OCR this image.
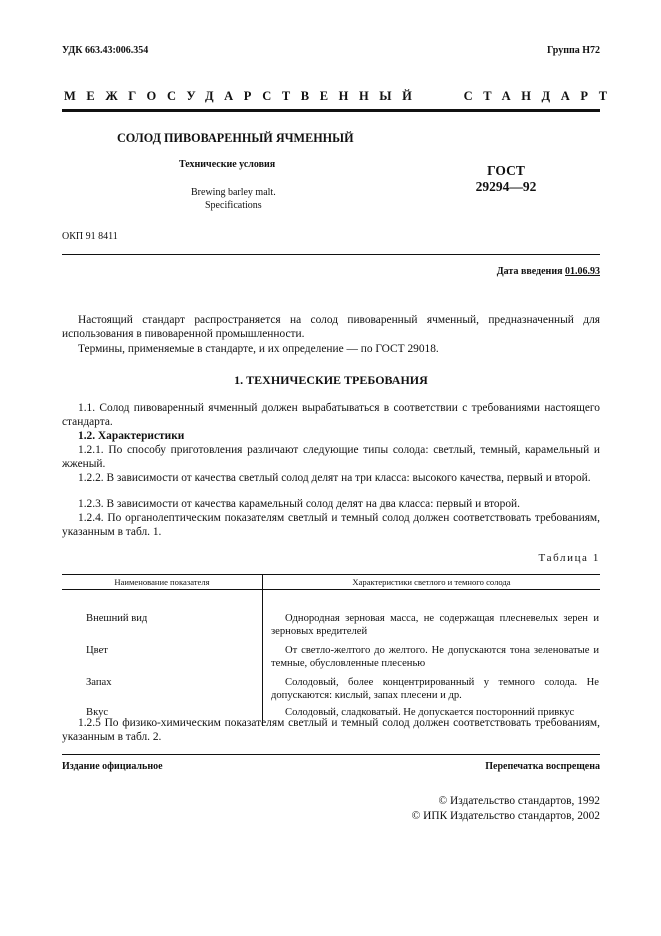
УДК 663.43:006.354	Группа Н72
МЕЖГОСУДАРСТВЕННЫЙ   СТАНДАРТ
СОЛОД ПИВОВАРЕННЫЙ ЯЧМЕННЫЙ
Технические условия
Brewing barley malt.
Specifications
ГОСТ
29294—92
ОКП 91 8411
Дата введения 01.06.93
Настоящий стандарт распространяется на солод пивоваренный ячменный, предназначенный для использования в пивоваренной промышленности.
Термины, применяемые в стандарте, и их определение — по ГОСТ 29018.
1. ТЕХНИЧЕСКИЕ ТРЕБОВАНИЯ
1.1. Солод пивоваренный ячменный должен вырабатываться в соответствии с требованиями настоящего стандарта.
1.2. Характеристики
1.2.1. По способу приготовления различают следующие типы солода: светлый, темный, карамельный и жженый.
1.2.2. В зависимости от качества светлый солод делят на три класса: высокого качества, первый и второй.
1.2.3. В зависимости от качества карамельный солод делят на два класса: первый и второй.
1.2.4. По органолептическим показателям светлый и темный солод должен соответствовать требованиям, указанным в табл. 1.
Таблица 1
Наименование показателя	Характеристики светлого и темного солода
Внешний вид	Однородная зерновая масса, не содержащая плесневелых зерен и зерновых вредителей

Цвет	От светло-желтого до желтого. Не допускаются тона зеленоватые и темные, обусловленные плесенью

Запах	Солодовый, более концентрированный у темного солода. Не допускаются: кислый, запах плесени и др.

Вкус	Солодовый, сладковатый. Не допускается посторонний привкус
1.2.5 По физико-химическим показателям светлый и темный солод должен соответствовать требованиям, указанным в табл. 2.
Издание официальное	Перепечатка воспрещена
© Издательство стандартов, 1992
© ИПК Издательство стандартов, 2002
